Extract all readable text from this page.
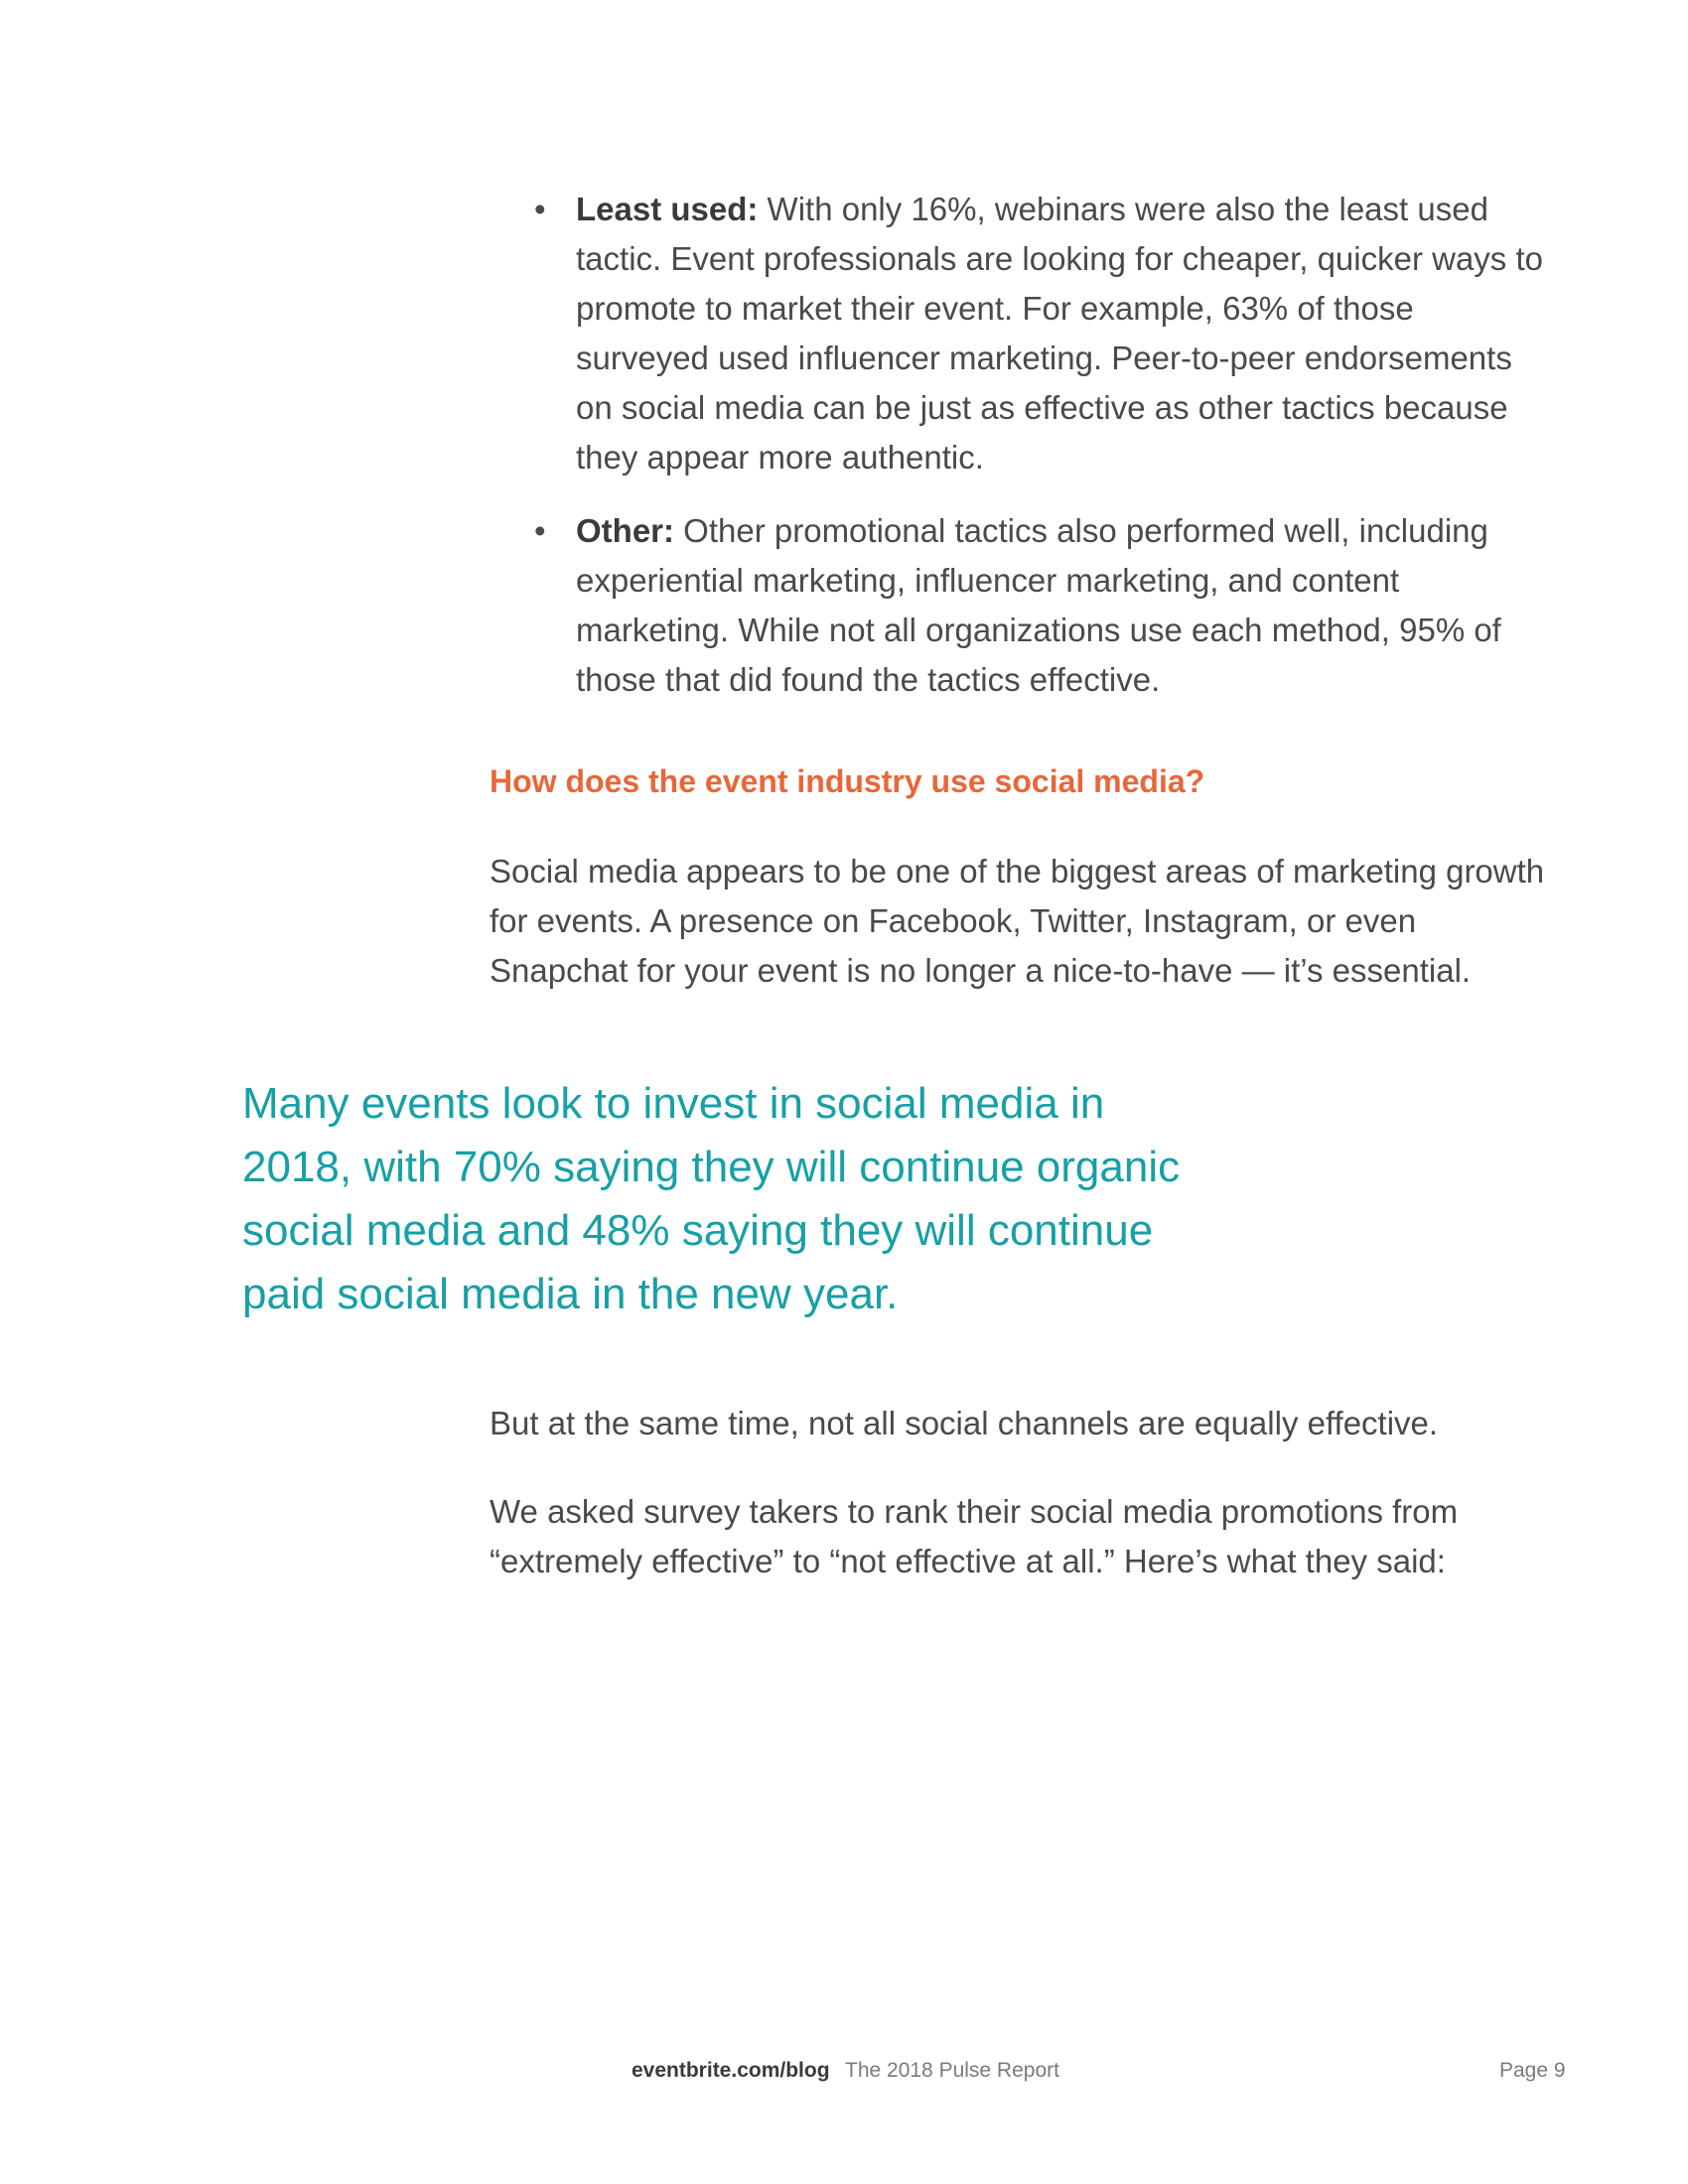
• Least used: With only 16%, webinars were also the least used tactic. Event professionals are looking for cheaper, quicker ways to promote to market their event. For example, 63% of those surveyed used influencer marketing. Peer-to-peer endorsements on social media can be just as effective as other tactics because they appear more authentic.
• Other: Other promotional tactics also performed well, including experiential marketing, influencer marketing, and content marketing. While not all organizations use each method, 95% of those that did found the tactics effective.
How does the event industry use social media?

Social media appears to be one of the biggest areas of marketing growth for events. A presence on Facebook, Twitter, Instagram, or even Snapchat for your event is no longer a nice-to-have — it’s essential.

Many events look to invest in social media in 2018, with 70% saying they will continue organic social media and 48% saying they will continue paid social media in the new year.

But at the same time, not all social channels are equally effective.

We asked survey takers to rank their social media promotions from “extremely effective” to “not effective at all.” Here’s what they said:

eventbrite.com/blog The 2018 Pulse Report	Page 9
